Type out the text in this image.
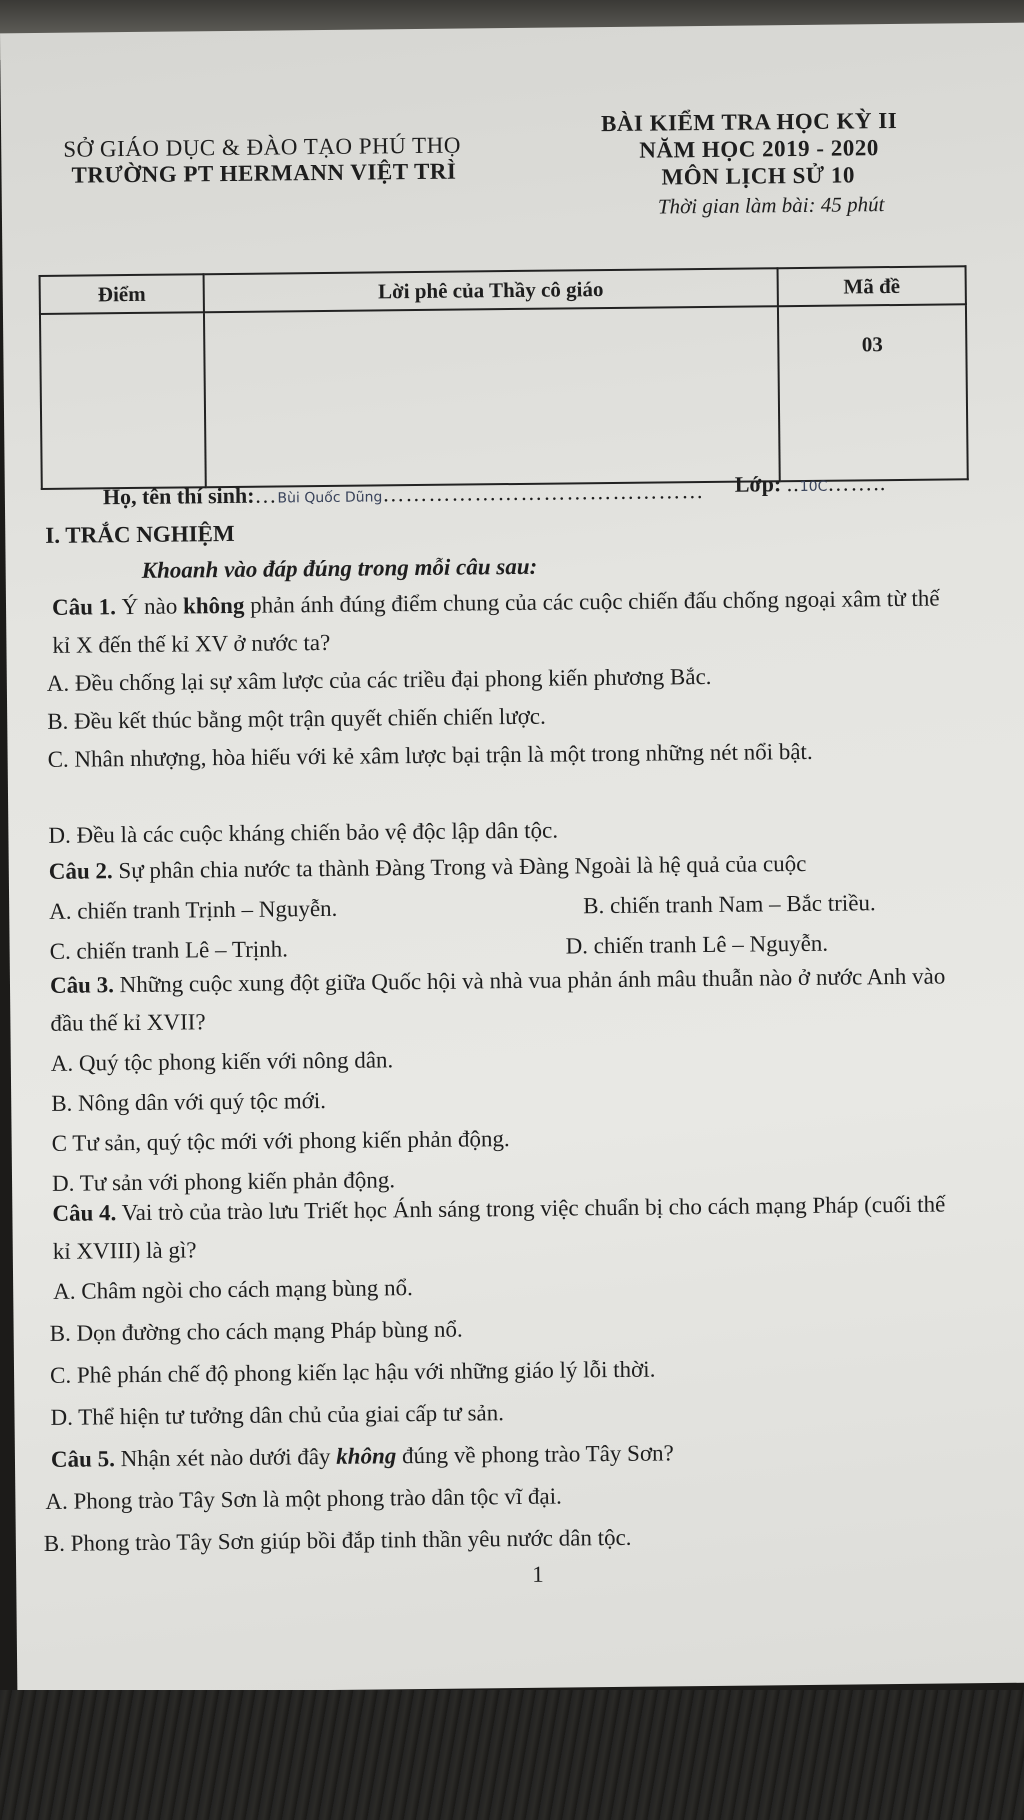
SỞ GIÁO DỤC & ĐÀO TẠO PHÚ THỌ
TRƯỜNG PT HERMANN VIỆT TRÌ
BÀI KIỂM TRA HỌC KỲ II
NĂM HỌC 2019 - 2020
MÔN LỊCH SỬ 10
Thời gian làm bài: 45 phút
Điểm	Lời phê của Thầy cô giáo	Mã đề
		03
Họ, tên thí sinh:…Bùi Quốc Dũng…………………………………… Lớp: ..10C……..
I. TRẮC NGHIỆM
Khoanh vào đáp đúng trong mỗi câu sau:
Câu 1. Ý nào không phản ánh đúng điểm chung của các cuộc chiến đấu chống ngoại xâm từ thế kỉ X đến thế kỉ XV ở nước ta?
A. Đều chống lại sự xâm lược của các triều đại phong kiến phương Bắc.
B. Đều kết thúc bằng một trận quyết chiến chiến lược.
C. Nhân nhượng, hòa hiếu với kẻ xâm lược bại trận là một trong những nét nổi bật.
D. Đều là các cuộc kháng chiến bảo vệ độc lập dân tộc.
Câu 2. Sự phân chia nước ta thành Đàng Trong và Đàng Ngoài là hệ quả của cuộc
A. chiến tranh Trịnh – Nguyễn.	B. chiến tranh Nam – Bắc triều.
C. chiến tranh Lê – Trịnh.	D. chiến tranh Lê – Nguyễn.
Câu 3. Những cuộc xung đột giữa Quốc hội và nhà vua phản ánh mâu thuẫn nào ở nước Anh vào đầu thế kỉ XVII?
A. Quý tộc phong kiến với nông dân.
B. Nông dân với quý tộc mới.
C Tư sản, quý tộc mới với phong kiến phản động.
D. Tư sản với phong kiến phản động.
Câu 4. Vai trò của trào lưu Triết học Ánh sáng trong việc chuẩn bị cho cách mạng Pháp (cuối thế kỉ XVIII) là gì?
A. Châm ngòi cho cách mạng bùng nổ.
B. Dọn đường cho cách mạng Pháp bùng nổ.
C. Phê phán chế độ phong kiến lạc hậu với những giáo lý lỗi thời.
D. Thể hiện tư tưởng dân chủ của giai cấp tư sản.
Câu 5. Nhận xét nào dưới đây không đúng về phong trào Tây Sơn?
A. Phong trào Tây Sơn là một phong trào dân tộc vĩ đại.
B. Phong trào Tây Sơn giúp bồi đắp tinh thần yêu nước dân tộc.
1
